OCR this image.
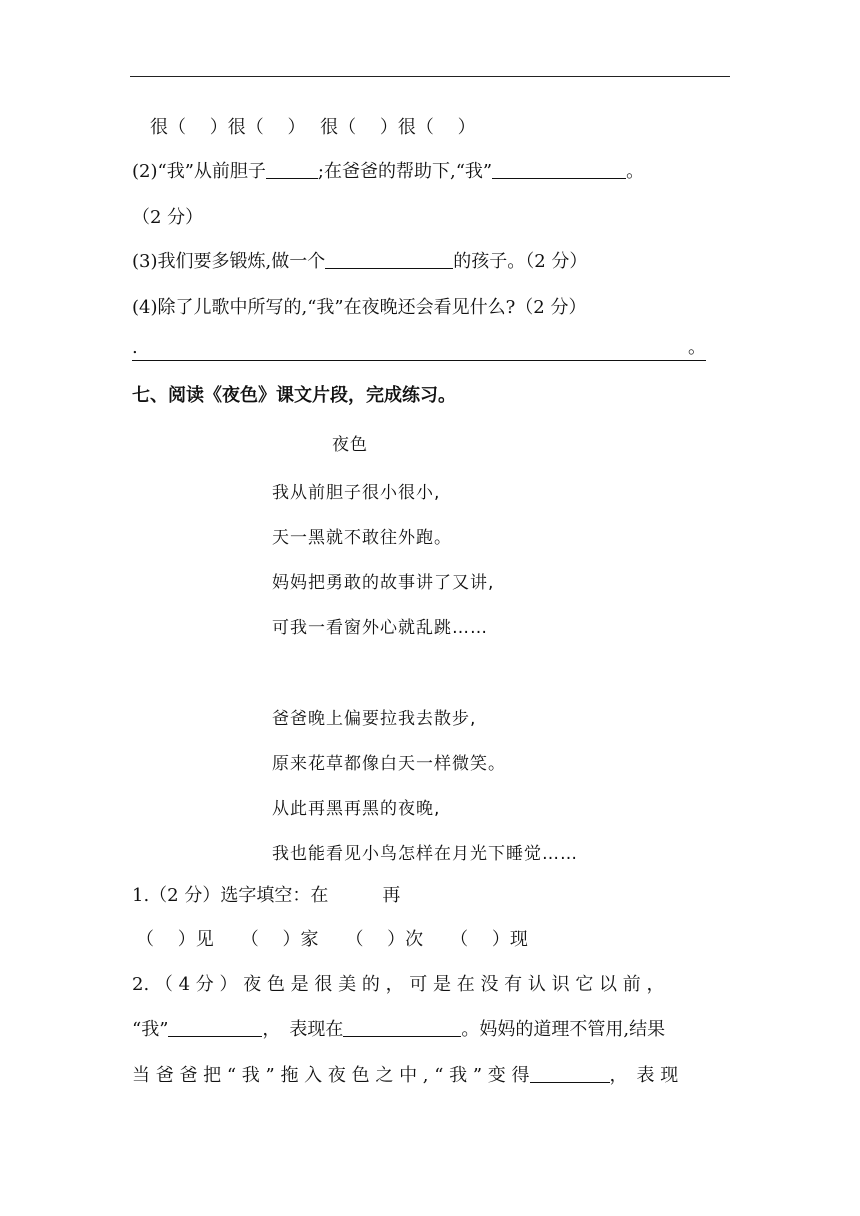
很（　 ）很（　 ）　 很（　 ）很（　 ）
(2)“我”从前胆子	;在爸爸的帮助下,“我”	。
（2 分）
(3)我们要多锻炼,做一个	的孩子。（2 分）
(4)除了儿歌中所写的,“我”在夜晚还会看见什么?（2 分）
.	。
七、阅读《夜色》课文片段，完成练习。
夜色
我从前胆子很小很小,
天一黑就不敢往外跑。
妈妈把勇敢的故事讲了又讲,
可我一看窗外心就乱跳……
爸爸晚上偏要拉我去散步,
原来花草都像白天一样微笑。
从此再黑再黑的夜晚,
我也能看见小鸟怎样在月光下睡觉……
1.（2 分）选字填空：在　　　再
（　 ）见　　（　 ）家　　（　 ）次　　（　 ）现
2. （ 4 分 ） 夜 色 是 很 美 的 ， 可 是 在 没 有 认 识 它 以 前 ，
“我”	，　表现在	。妈妈的道理不管用,结果
当 爸 爸 把 “ 我 ” 拖 入 夜 色 之 中 , “ 我 ” 变 得	，　表 现
